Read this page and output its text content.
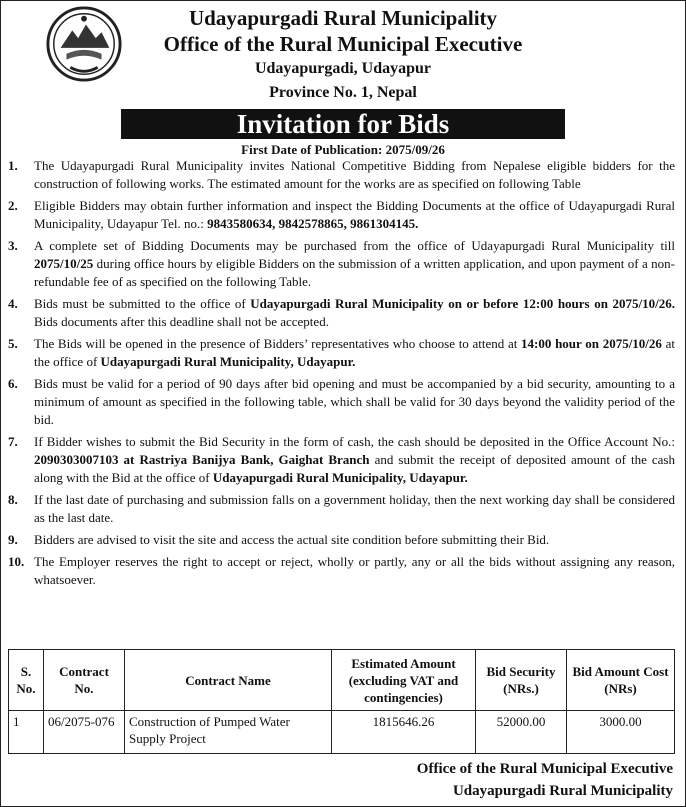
Udayapurgadi Rural Municipality
Office of the Rural Municipal Executive
Udayapurgadi, Udayapur
Province No. 1, Nepal
Invitation for Bids
First Date of Publication: 2075/09/26
1.	The Udayapurgadi Rural Municipality invites National Competitive Bidding from Nepalese eligible bidders for the construction of following works. The estimated amount for the works are as specified on following Table
2.	Eligible Bidders may obtain further information and inspect the Bidding Documents at the office of Udayapurgadi Rural Municipality, Udayapur Tel. no.: 9843580634, 9842578865, 9861304145.
3.	A complete set of Bidding Documents may be purchased from the office of Udayapurgadi Rural Municipality till 2075/10/25 during office hours by eligible Bidders on the submission of a written application, and upon payment of a non-refundable fee of as specified on the following Table.
4.	Bids must be submitted to the office of Udayapurgadi Rural Municipality on or before 12:00 hours on 2075/10/26. Bids documents after this deadline shall not be accepted.
5.	The Bids will be opened in the presence of Bidders’ representatives who choose to attend at 14:00 hour on 2075/10/26 at the office of Udayapurgadi Rural Municipality, Udayapur.
6.	Bids must be valid for a period of 90 days after bid opening and must be accompanied by a bid security, amounting to a minimum of amount as specified in the following table, which shall be valid for 30 days beyond the validity period of the bid.
7.	If Bidder wishes to submit the Bid Security in the form of cash, the cash should be deposited in the Office Account No.: 2090303007103 at Rastriya Banijya Bank, Gaighat Branch and submit the receipt of deposited amount of the cash along with the Bid at the office of Udayapurgadi Rural Municipality, Udayapur.
8.	If the last date of purchasing and submission falls on a government holiday, then the next working day shall be considered as the last date.
9.	Bidders are advised to visit the site and access the actual site condition before submitting their Bid.
10. The Employer reserves the right to accept or reject, wholly or partly, any or all the bids without assigning any reason, whatsoever.
S. No.	Contract No.	Contract Name	Estimated Amount (excluding VAT and contingencies)	Bid Security (NRs.)	Bid Amount Cost (NRs)
1	06/2075-076	Construction of Pumped Water Supply Project	1815646.26	52000.00	3000.00
Office of the Rural Municipal Executive
Udayapurgadi Rural Municipality
